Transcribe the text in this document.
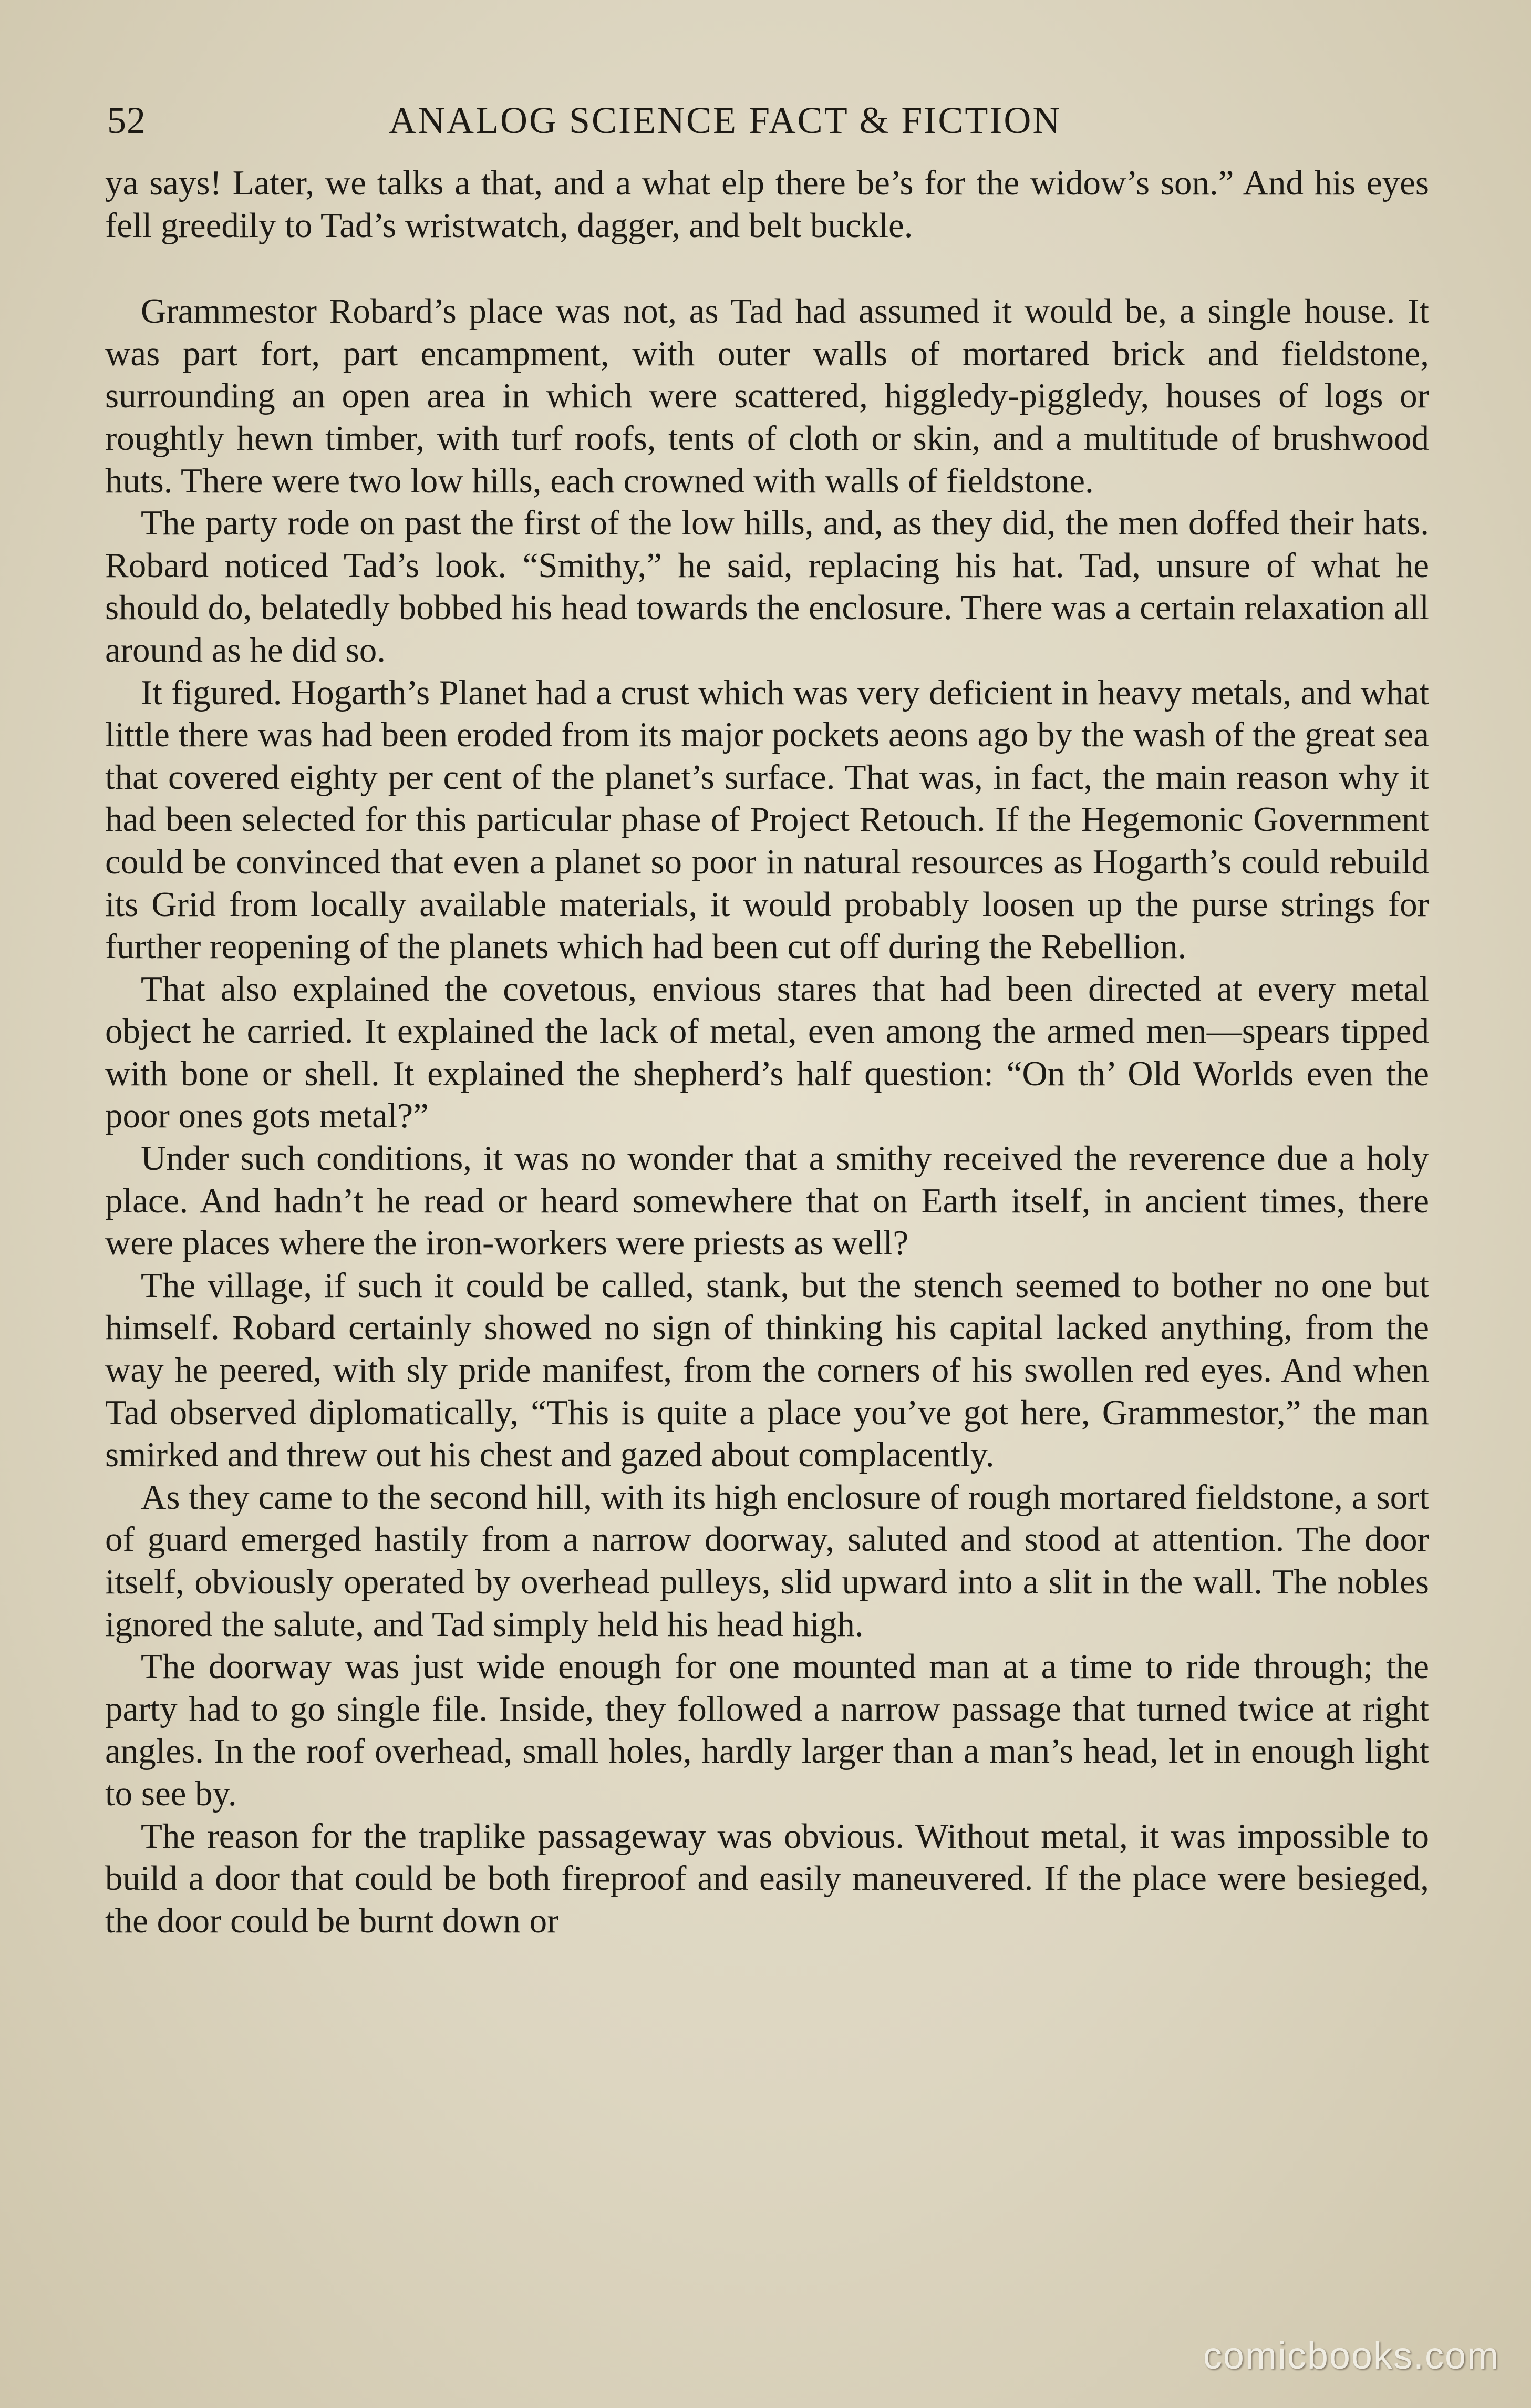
52	ANALOG SCIENCE FACT & FICTION

ya says! Later, we talks a that, and a what elp there be’s for the widow’s son.” And his eyes fell greedily to Tad’s wristwatch, dagger, and belt buckle.

Grammestor Robard’s place was not, as Tad had assumed it would be, a single house. It was part fort, part encampment, with outer walls of mortared brick and fieldstone, surrounding an open area in which were scattered, higgledy-piggledy, houses of logs or roughtly hewn timber, with turf roofs, tents of cloth or skin, and a multitude of brushwood huts. There were two low hills, each crowned with walls of fieldstone.

The party rode on past the first of the low hills, and, as they did, the men doffed their hats. Robard noticed Tad’s look. “Smithy,” he said, replacing his hat. Tad, unsure of what he should do, belatedly bobbed his head towards the enclosure. There was a certain relaxation all around as he did so.

It figured. Hogarth’s Planet had a crust which was very deficient in heavy metals, and what little there was had been eroded from its major pockets aeons ago by the wash of the great sea that covered eighty per cent of the planet’s surface. That was, in fact, the main reason why it had been selected for this particular phase of Project Retouch. If the Hegemonic Government could be convinced that even a planet so poor in natural resources as Hogarth’s could rebuild its Grid from locally available materials, it would probably loosen up the purse strings for further reopening of the planets which had been cut off during the Rebellion.

That also explained the covetous, envious stares that had been directed at every metal object he carried. It explained the lack of metal, even among the armed men—spears tipped with bone or shell. It explained the shepherd’s half question: “On th’ Old Worlds even the poor ones gots metal?”

Under such conditions, it was no wonder that a smithy received the reverence due a holy place. And hadn’t he read or heard somewhere that on Earth itself, in ancient times, there were places where the iron-workers were priests as well?

The village, if such it could be called, stank, but the stench seemed to bother no one but himself. Robard certainly showed no sign of thinking his capital lacked anything, from the way he peered, with sly pride manifest, from the corners of his swollen red eyes. And when Tad observed diplomatically, “This is quite a place you’ve got here, Grammestor,” the man smirked and threw out his chest and gazed about complacently.

As they came to the second hill, with its high enclosure of rough mortared fieldstone, a sort of guard emerged hastily from a narrow doorway, saluted and stood at attention. The door itself, obviously operated by overhead pulleys, slid upward into a slit in the wall. The nobles ignored the salute, and Tad simply held his head high.

The doorway was just wide enough for one mounted man at a time to ride through; the party had to go single file. Inside, they followed a narrow passage that turned twice at right angles. In the roof overhead, small holes, hardly larger than a man’s head, let in enough light to see by.

The reason for the traplike passageway was obvious. Without metal, it was impossible to build a door that could be both fireproof and easily maneuvered. If the place were besieged, the door could be burnt down or

comicbooks.com
